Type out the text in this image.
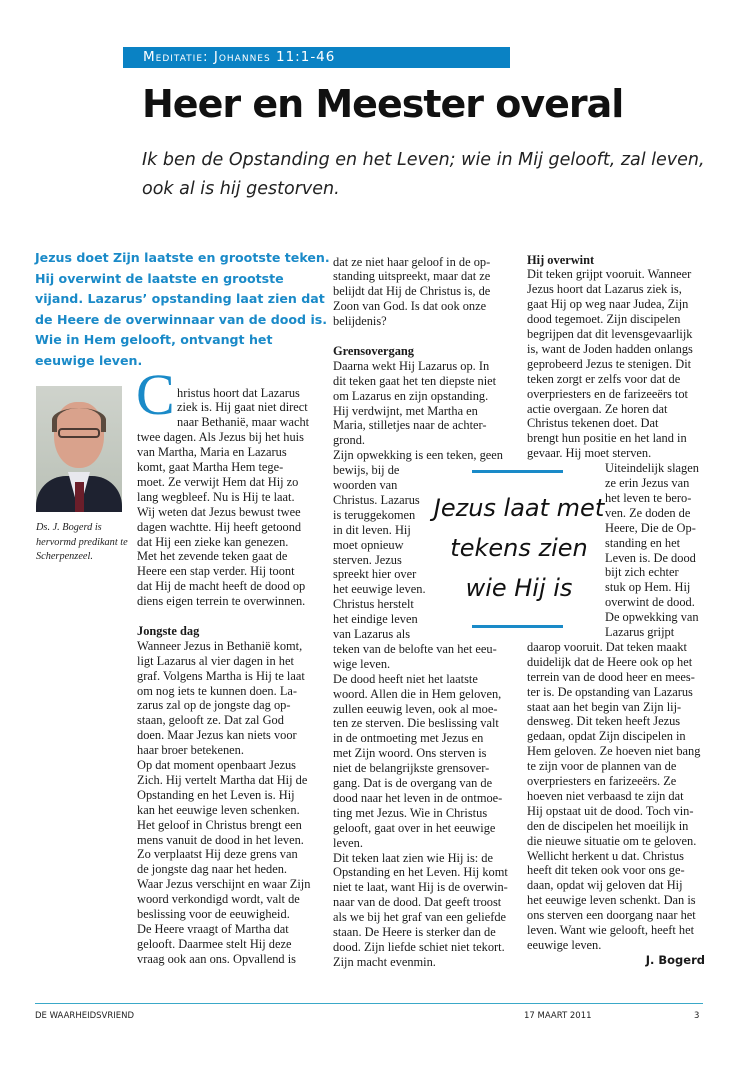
Meditatie: Johannes 11:1-46
Heer en Meester overal
Ik ben de Opstanding en het Leven; wie in Mij gelooft, zal leven, ook al is hij gestorven.
Jezus doet Zijn laatste en grootste teken. Hij overwint de laatste en grootste vijand. Lazarus’ opstanding laat zien dat de Heere de overwinnaar van de dood is. Wie in Hem gelooft, ontvangt het eeuwige leven.
Ds. J. Bogerd is hervormd predikant te Scherpenzeel.
C hristus hoort dat Lazarus
ziek is. Hij gaat niet direct
naar Bethanië, maar wacht
twee dagen. Als Jezus bij het huis
van Martha, Maria en Lazarus
komt, gaat Martha Hem tege-
moet. Ze verwijt Hem dat Hij zo
lang wegbleef. Nu is Hij te laat.
Wij weten dat Jezus bewust twee
dagen wachtte. Hij heeft getoond
dat Hij een zieke kan genezen.
Met het zevende teken gaat de
Heere een stap verder. Hij toont
dat Hij de macht heeft de dood op
diens eigen terrein te overwinnen.
Jongste dag
Wanneer Jezus in Bethanië komt,
ligt Lazarus al vier dagen in het
graf. Volgens Martha is Hij te laat
om nog iets te kunnen doen. La-
zarus zal op de jongste dag op-
staan, gelooft ze. Dat zal God
doen. Maar Jezus kan niets voor
haar broer betekenen.
Op dat moment openbaart Jezus
Zich. Hij vertelt Martha dat Hij de
Opstanding en het Leven is. Hij
kan het eeuwige leven schenken.
Het geloof in Christus brengt een
mens vanuit de dood in het leven.
Zo verplaatst Hij deze grens van
de jongste dag naar het heden.
Waar Jezus verschijnt en waar Zijn
woord verkondigd wordt, valt de
beslissing voor de eeuwigheid.
De Heere vraagt of Martha dat
gelooft. Daarmee stelt Hij deze
vraag ook aan ons. Opvallend is
dat ze niet haar geloof in de op-
standing uitspreekt, maar dat ze
belijdt dat Hij de Christus is, de
Zoon van God. Is dat ook onze
belijdenis?
Grensovergang
Daarna wekt Hij Lazarus op. In
dit teken gaat het ten diepste niet
om Lazarus en zijn opstanding.
Hij verdwijnt, met Martha en
Maria, stilletjes naar de achter-
grond.
Zijn opwekking is een teken, geen
bewijs, bij de
woorden van
Christus. Lazarus
is teruggekomen
in dit leven. Hij
moet opnieuw
sterven. Jezus
spreekt hier over
het eeuwige leven.
Christus herstelt
het eindige leven
van Lazarus als
teken van de belofte van het eeu-
wige leven.
De dood heeft niet het laatste
woord. Allen die in Hem geloven,
zullen eeuwig leven, ook al moe-
ten ze sterven. Die beslissing valt
in de ontmoeting met Jezus en
met Zijn woord. Ons sterven is
niet de belangrijkste grensover-
gang. Dat is de overgang van de
dood naar het leven in de ontmoe-
ting met Jezus. Wie in Christus
gelooft, gaat over in het eeuwige
leven.
Dit teken laat zien wie Hij is: de
Opstanding en het Leven. Hij komt
niet te laat, want Hij is de overwin-
naar van de dood. Dat geeft troost
als we bij het graf van een geliefde
staan. De Heere is sterker dan de
dood. Zijn liefde schiet niet tekort.
Zijn macht evenmin.
Hij overwint
Dit teken grijpt vooruit. Wanneer
Jezus hoort dat Lazarus ziek is,
gaat Hij op weg naar Judea, Zijn
dood tegemoet. Zijn discipelen
begrijpen dat dit levensgevaarlijk
is, want de Joden hadden onlangs
geprobeerd Jezus te stenigen. Dit
teken zorgt er zelfs voor dat de
overpriesters en de farizeeërs tot
actie overgaan. Ze horen dat
Christus tekenen doet. Dat
brengt hun positie en het land in
gevaar. Hij moet sterven.
Uiteindelijk slagen
ze erin Jezus van
het leven te bero-
ven. Ze doden de
Heere, Die de Op-
standing en het
Leven is. De dood
bijt zich echter
stuk op Hem. Hij
overwint de dood.
De opwekking van
Lazarus grijpt
daarop vooruit. Dat teken maakt
duidelijk dat de Heere ook op het
terrein van de dood heer en mees-
ter is. De opstanding van Lazarus
staat aan het begin van Zijn lij-
densweg. Dit teken heeft Jezus
gedaan, opdat Zijn discipelen in
Hem geloven. Ze hoeven niet bang
te zijn voor de plannen van de
overpriesters en farizeeërs. Ze
hoeven niet verbaasd te zijn dat
Hij opstaat uit de dood. Toch vin-
den de discipelen het moeilijk in
die nieuwe situatie om te geloven.
Wellicht herkent u dat. Christus
heeft dit teken ook voor ons ge-
daan, opdat wij geloven dat Hij
het eeuwige leven schenkt. Dan is
ons sterven een doorgang naar het
leven. Want wie gelooft, heeft het
eeuwige leven.
J. Bogerd
Jezus laat met
tekens zien
wie Hij is
DE WAARHEIDSVRIEND	17 MAART 2011	3
